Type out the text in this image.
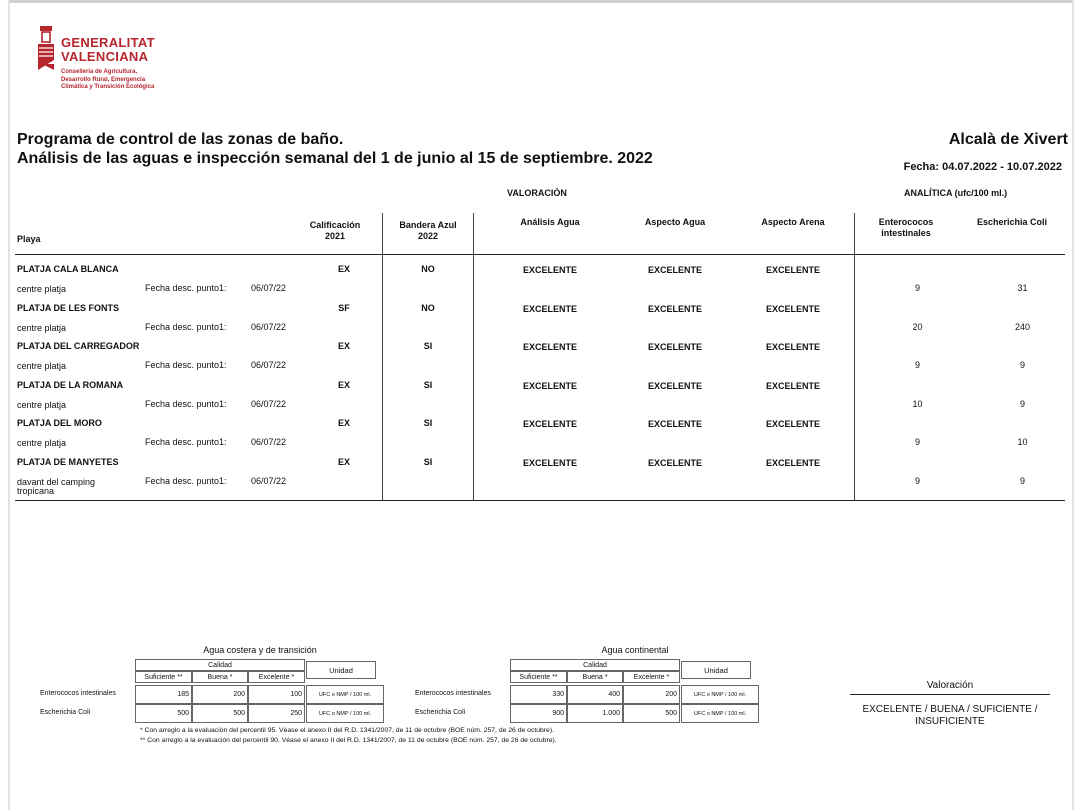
GENERALITAT
VALENCIANA
Conselleria de Agricultura,
Desarrollo Rural, Emergencia
Climática y Transición Ecológica
Programa de control de las zonas de baño.
Análisis de las aguas e inspección semanal del 1 de junio al 15 de septiembre. 2022
Alcalà de Xivert
Fecha: 04.07.2022 - 10.07.2022
VALORACIÓN	ANALÍTICA (ufc/100 ml.)
Playa
Calificación
2021
Bandera Azul
2022
Análisis Agua	Aspecto Agua	Aspecto Arena	Enterococos
intestinales
Escherichia Coli
PLATJA CALA BLANCA	EX	NO	EXCELENTE	EXCELENTE	EXCELENTE
centre platja	Fecha desc. punto1:	06/07/22	9	31
PLATJA DE LES FONTS	SF	NO	EXCELENTE	EXCELENTE	EXCELENTE
centre platja	Fecha desc. punto1:	06/07/22	20	240
PLATJA DEL CARREGADOR	EX	SI	EXCELENTE	EXCELENTE	EXCELENTE
centre platja	Fecha desc. punto1:	06/07/22	9	9
PLATJA DE LA ROMANA	EX	SI	EXCELENTE	EXCELENTE	EXCELENTE
centre platja	Fecha desc. punto1:	06/07/22	10	9
PLATJA DEL MORO	EX	SI	EXCELENTE	EXCELENTE	EXCELENTE
centre platja	Fecha desc. punto1:	06/07/22	9	10
PLATJA DE MANYETES	EX	SI	EXCELENTE	EXCELENTE	EXCELENTE
davant del camping
tropicana
Fecha desc. punto1:	06/07/22	9	9
Agua costera y de transición	Agua continental
Calidad
Suficiente **	Buena *	Excelente *
Unidad
Enterococos intestinales	185	200	100	UFC o NMP / 100 ml.
Escherichia Coli	500	500	250	UFC o NMP / 100 ml.
Calidad
Suficiente **	Buena *	Excelente *
Unidad
Enterococos intestinales	330	400	200	UFC o NMP / 100 ml.
Escherichia Coli	900	1.000	500	UFC o NMP / 100 ml.
* Con arreglo a la evaluación del percentil 95. Véase el anexo II del R.D. 1341/2007, de 11 de octubre (BOE núm. 257, de 26 de octubre).
** Con arreglo a la evaluación del percentil 90. Véase el anexo II del R.D. 1341/2007, de 11 de octubre (BOE núm. 257, de 26 de octubre).
Valoración
EXCELENTE / BUENA / SUFICIENTE / INSUFICIENTE
